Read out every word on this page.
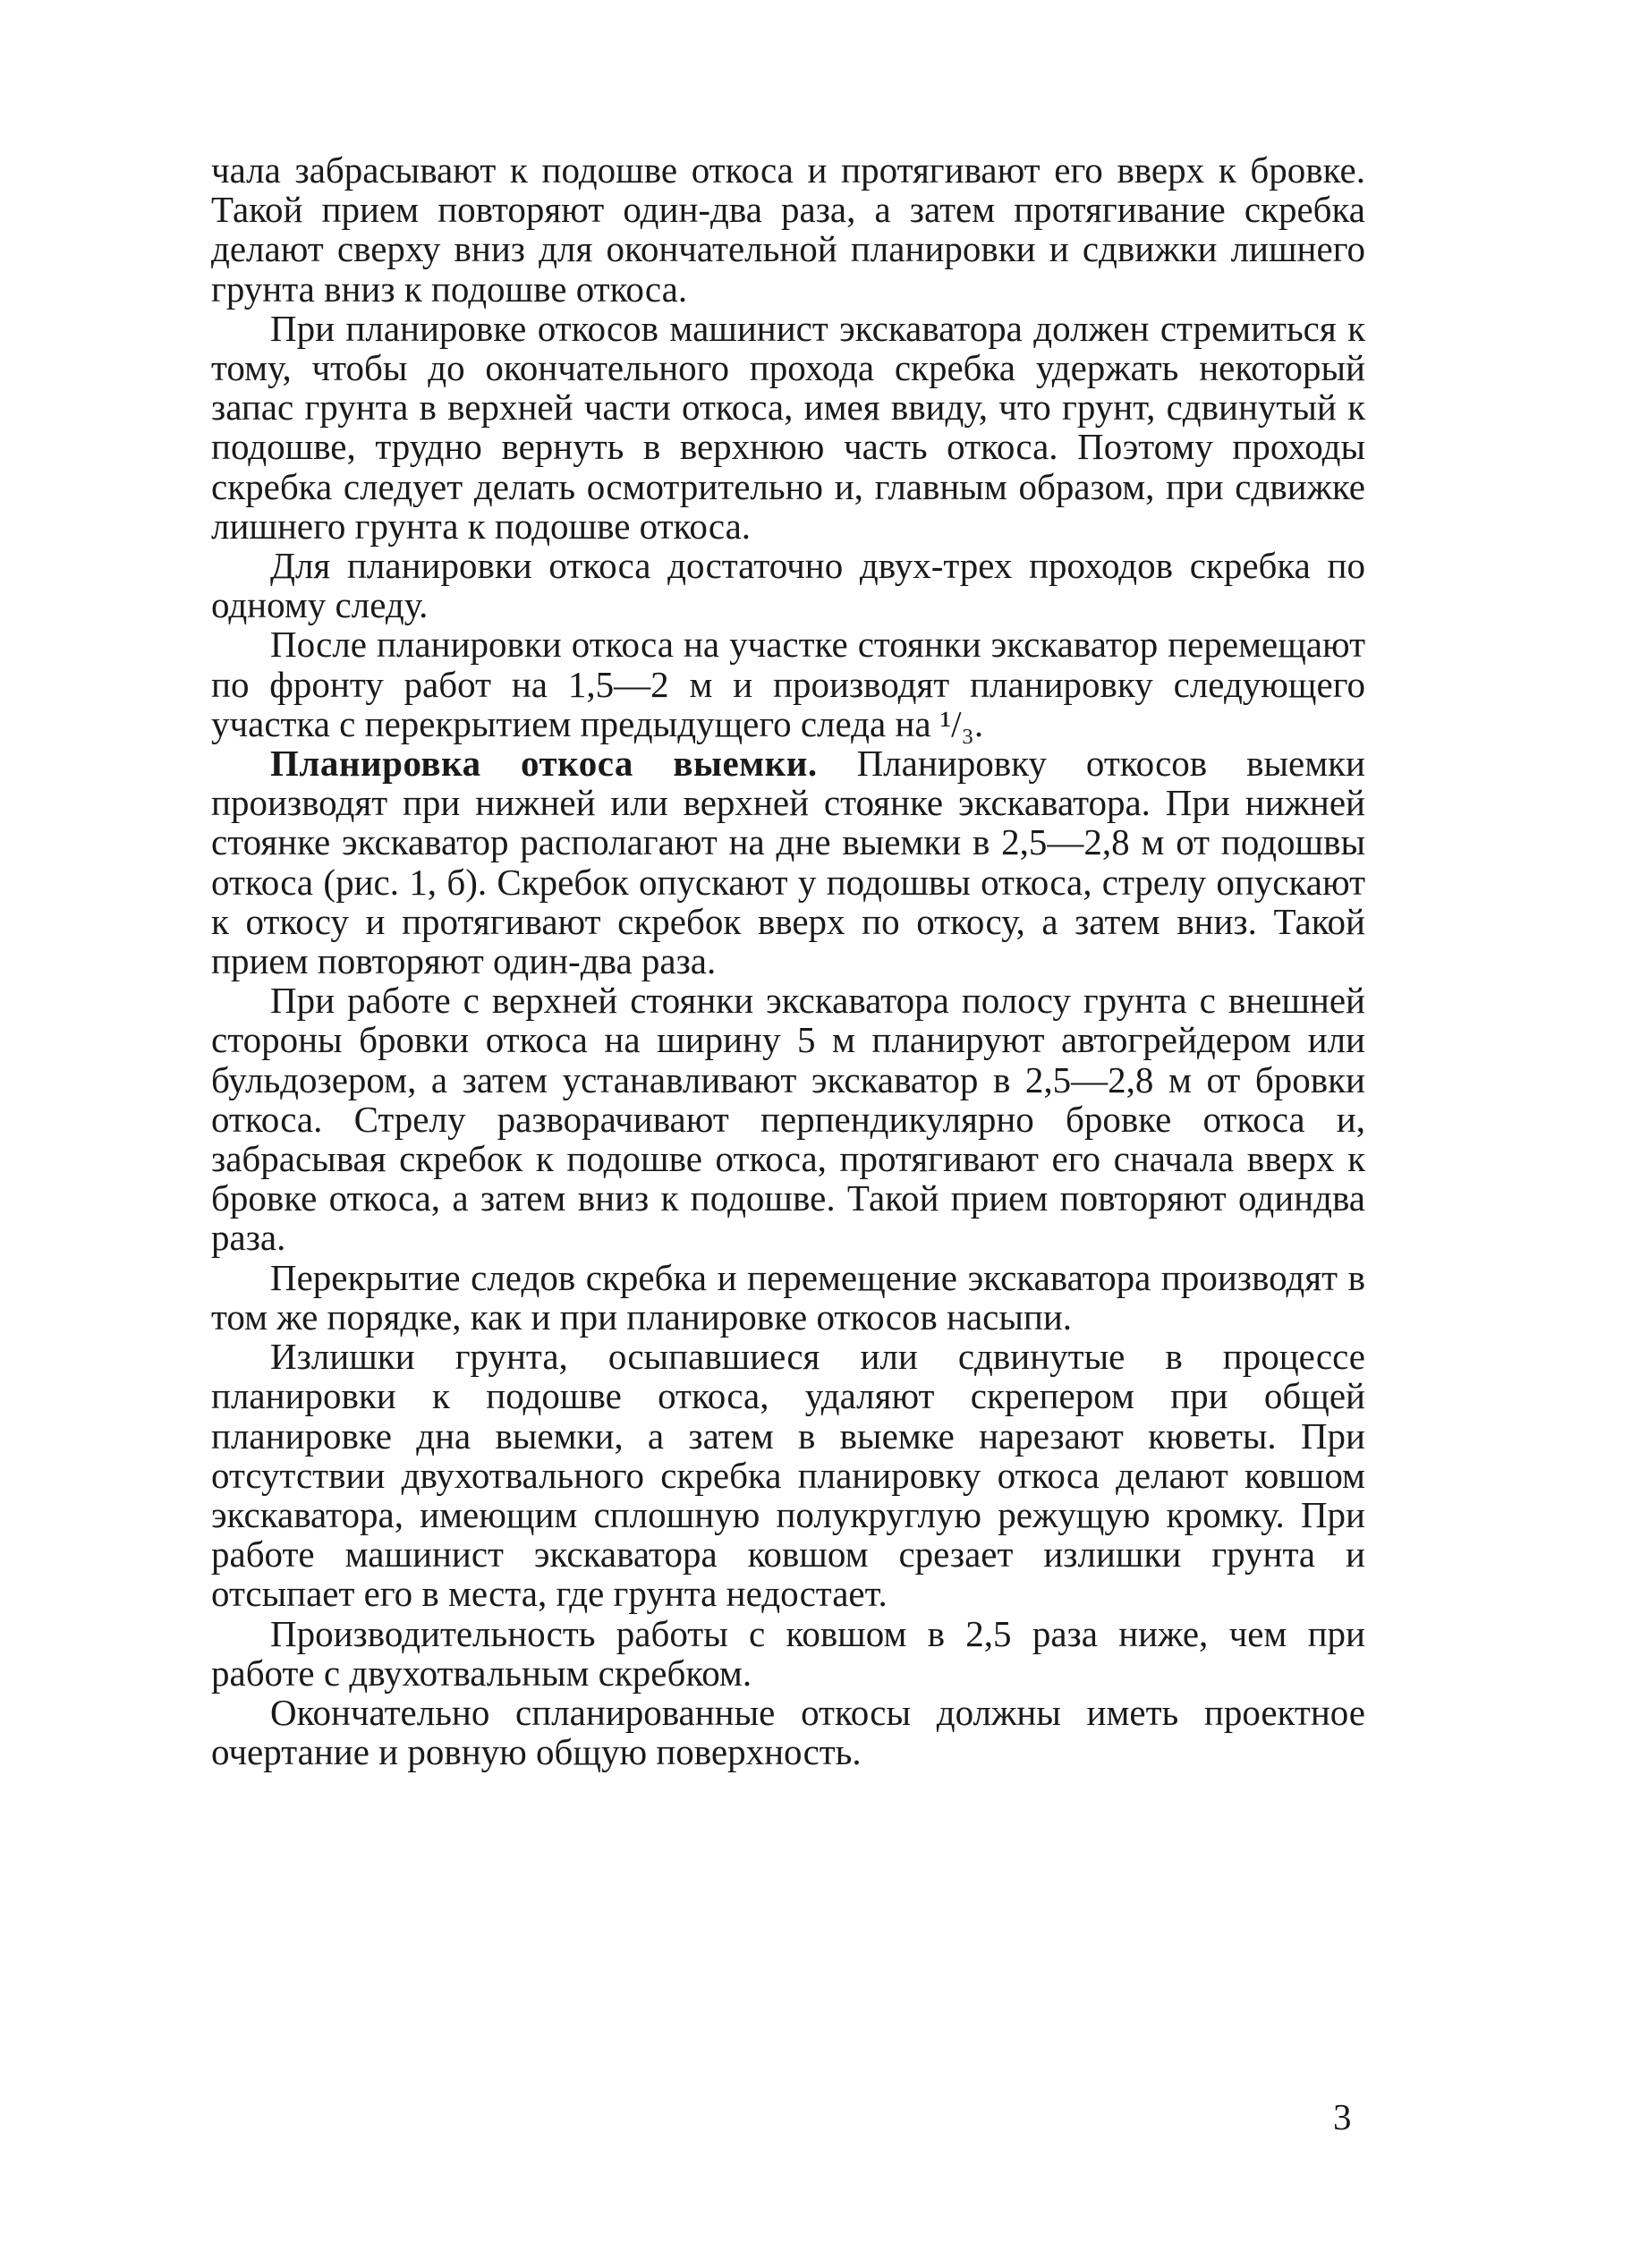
чала забрасывают к подошве откоса и протягивают его вверх к бровке. Такой прием повторяют один-два раза, а затем протягивание скребка делают сверху вниз для окончательной планировки и сдвижки лишнего грунта вниз к подошве откоса.

При планировке откосов машинист экскаватора должен стремиться к тому, чтобы до окончательного прохода скребка удержать некоторый запас грунта в верхней части откоса, имея ввиду, что грунт, сдвинутый к подошве, трудно вернуть в верхнюю часть откоса. Поэтому проходы скребка следует делать осмотрительно и, главным образом, при сдвижке лишнего грунта к подошве откоса.

Для планировки откоса достаточно двух-трех проходов скребка по одному следу.

После планировки откоса на участке стоянки экскаватор перемещают по фронту работ на 1,5—2 м и производят планировку следующего участка с перекрытием предыдущего следа на ¹/₃.

Планировка откоса выемки. Планировку откосов выемки производят при нижней или верхней стоянке экскаватора. При нижней стоянке экскаватор располагают на дне выемки в 2,5—2,8 м от подошвы откоса (рис. 1, б). Скребок опускают у подошвы откоса, стрелу опускают к откосу и протягивают скребок вверх по откосу, а затем вниз. Такой прием повторяют один-два раза.

При работе с верхней стоянки экскаватора полосу грунта с внешней стороны бровки откоса на ширину 5 м планируют автогрейдером или бульдозером, а затем устанавливают экскаватор в 2,5—2,8 м от бровки откоса. Стрелу разворачивают перпендикулярно бровке откоса и, забрасывая скребок к подошве откоса, протягивают его сначала вверх к бровке откоса, а затем вниз к подошве. Такой прием повторяют одиндва раза.

Перекрытие следов скребка и перемещение экскаватора производят в том же порядке, как и при планировке откосов насыпи.

Излишки грунта, осыпавшиеся или сдвинутые в процессе планировки к подошве откоса, удаляют скрепером при общей планировке дна выемки, а затем в выемке нарезают кюветы. При отсутствии двухотвального скребка планировку откоса делают ковшом экскаватора, имеющим сплошную полукруглую режущую кромку. При работе машинист экскаватора ковшом срезает излишки грунта и отсыпает его в места, где грунта недостает.

Производительность работы с ковшом в 2,5 раза ниже, чем при работе с двухотвальным скребком.

Окончательно спланированные откосы должны иметь проектное очертание и ровную общую поверхность.

3
